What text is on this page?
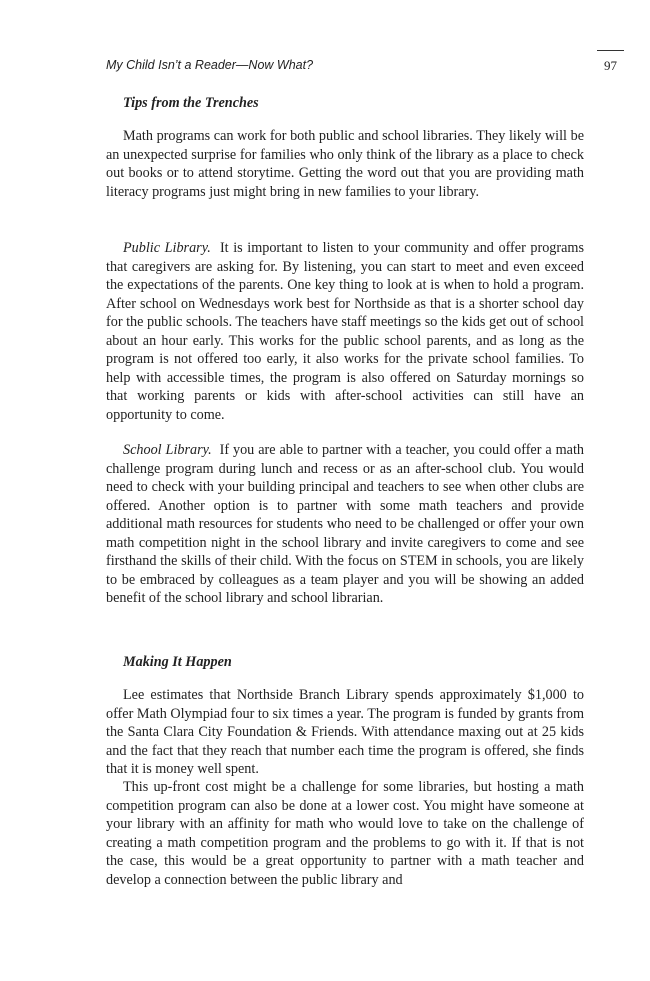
My Child Isn’t a Reader—Now What?	97

Tips from the Trenches

Math programs can work for both public and school libraries. They likely will be an unexpected surprise for families who only think of the library as a place to check out books or to attend storytime. Getting the word out that you are providing math literacy programs just might bring in new families to your library.

Public Library. It is important to listen to your community and offer programs that caregivers are asking for. By listening, you can start to meet and even exceed the expectations of the parents. One key thing to look at is when to hold a program. After school on Wednesdays work best for Northside as that is a shorter school day for the public schools. The teachers have staff meetings so the kids get out of school about an hour early. This works for the public school parents, and as long as the program is not offered too early, it also works for the private school families. To help with accessible times, the program is also offered on Saturday mornings so that working parents or kids with after-school activities can still have an opportunity to come.

School Library. If you are able to partner with a teacher, you could offer a math challenge program during lunch and recess or as an after-school club. You would need to check with your building principal and teachers to see when other clubs are offered. Another option is to partner with some math teachers and provide additional math resources for students who need to be challenged or offer your own math competition night in the school library and invite caregivers to come and see firsthand the skills of their child. With the focus on STEM in schools, you are likely to be embraced by colleagues as a team player and you will be showing an added benefit of the school library and school librarian.

Making It Happen

Lee estimates that Northside Branch Library spends approximately $1,000 to offer Math Olympiad four to six times a year. The program is funded by grants from the Santa Clara City Foundation & Friends. With attendance maxing out at 25 kids and the fact that they reach that number each time the program is offered, she finds that it is money well spent.

This up-front cost might be a challenge for some libraries, but hosting a math competition program can also be done at a lower cost. You might have someone at your library with an affinity for math who would love to take on the challenge of creating a math competition program and the problems to go with it. If that is not the case, this would be a great opportunity to partner with a math teacher and develop a connection between the public library and
